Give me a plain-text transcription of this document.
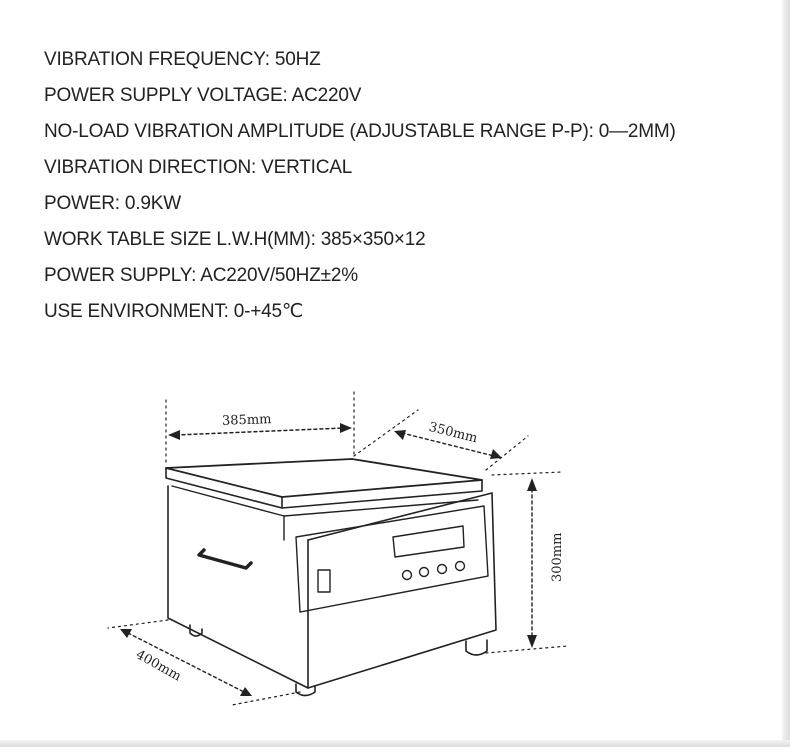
VIBRATION FREQUENCY: 50HZ
POWER SUPPLY VOLTAGE: AC220V
NO-LOAD VIBRATION AMPLITUDE (ADJUSTABLE RANGE P-P): 0—2MM)
VIBRATION DIRECTION: VERTICAL
POWER: 0.9KW
WORK TABLE SIZE L.W.H(MM): 385×350×12
POWER SUPPLY: AC220V/50HZ±2%
USE ENVIRONMENT: 0-+45℃
385mm	350mm
300mm
400mm
